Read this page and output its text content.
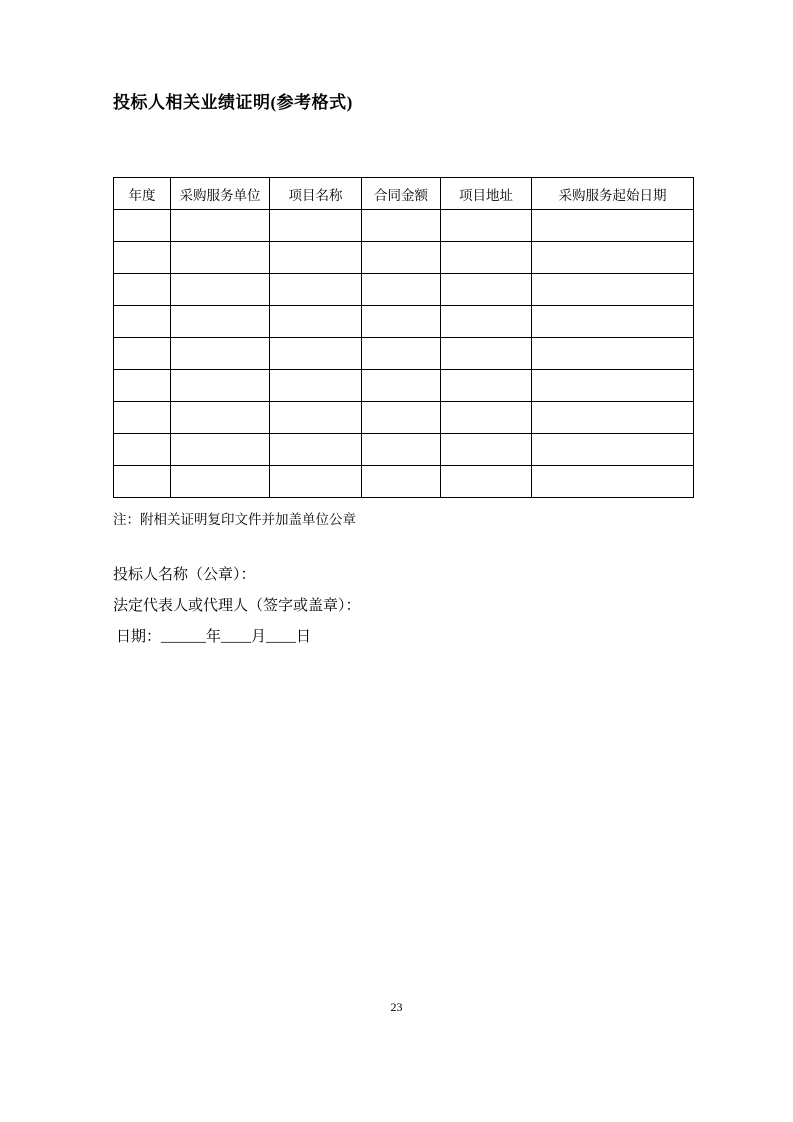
投标人相关业绩证明(参考格式)
年度	采购服务单位	项目名称	合同金额	项目地址	采购服务起始日期

注：附相关证明复印文件并加盖单位公章
投标人名称（公章）：
法定代表人或代理人（签字或盖章）：
日期：______年____月____日
23
